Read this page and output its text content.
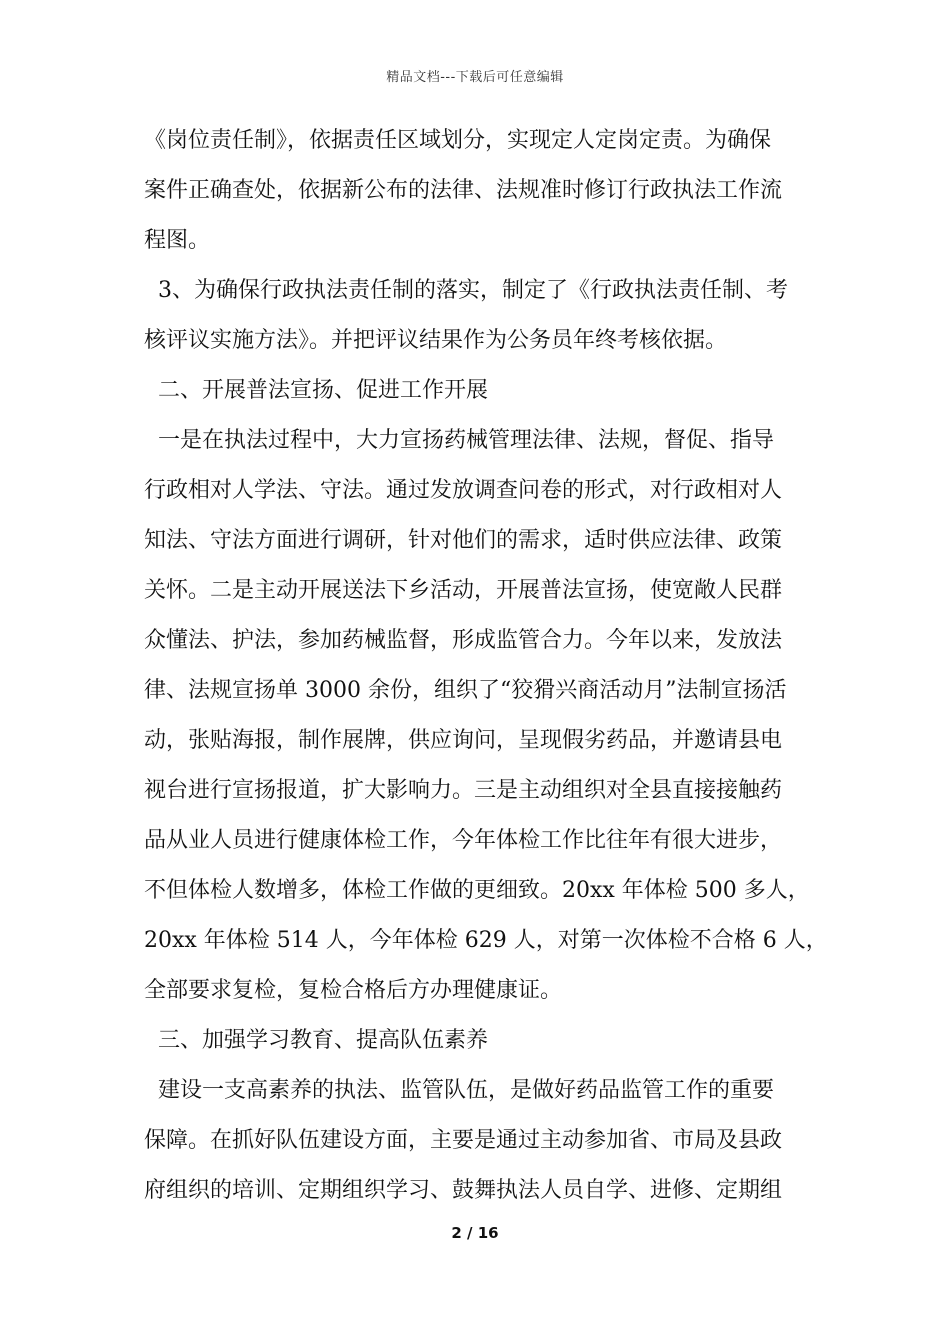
精品文档---下载后可任意编辑
《岗位责任制》，依据责任区域划分，实现定人定岗定责。为确保
案件正确查处，依据新公布的法律、法规准时修订行政执法工作流
程图。
3、为确保行政执法责任制的落实，制定了《行政执法责任制、考
核评议实施方法》。并把评议结果作为公务员年终考核依据。
二、开展普法宣扬、促进工作开展
一是在执法过程中，大力宣扬药械管理法律、法规，督促、指导
行政相对人学法、守法。通过发放调查问卷的形式，对行政相对人
知法、守法方面进行调研，针对他们的需求，适时供应法律、政策
关怀。二是主动开展送法下乡活动，开展普法宣扬，使宽敞人民群
众懂法、护法，参加药械监督，形成监管合力。今年以来，发放法
律、法规宣扬单 3000 余份，组织了“狡猾兴商活动月”法制宣扬活
动，张贴海报，制作展牌，供应询问，呈现假劣药品，并邀请县电
视台进行宣扬报道，扩大影响力。三是主动组织对全县直接接触药
品从业人员进行健康体检工作，今年体检工作比往年有很大进步，
不但体检人数增多，体检工作做的更细致。20xx 年体检 500 多人，
20xx 年体检 514 人，今年体检 629 人，对第一次体检不合格 6 人，
全部要求复检，复检合格后方办理健康证。
三、加强学习教育、提高队伍素养
建设一支高素养的执法、监管队伍，是做好药品监管工作的重要
保障。在抓好队伍建设方面，主要是通过主动参加省、市局及县政
府组织的培训、定期组织学习、鼓舞执法人员自学、进修、定期组
2 / 16
